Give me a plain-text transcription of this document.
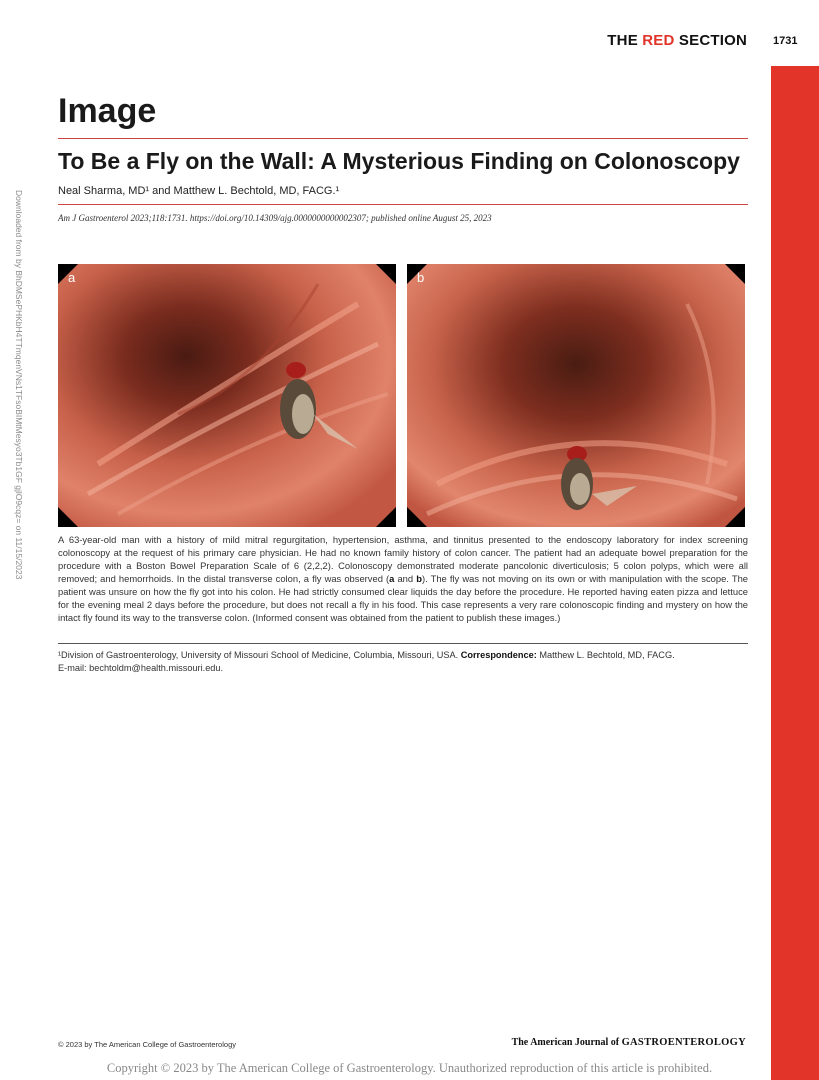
THE RED SECTION 1731
Downloaded from by BhDMSePHKbH4TTmqenVNs1TFsoBIMtMesyo3Tb1GF gjlO9cqz= on 11/15/2023
Image
To Be a Fly on the Wall: A Mysterious Finding on Colonoscopy
Neal Sharma, MD¹ and Matthew L. Bechtold, MD, FACG.¹
Am J Gastroenterol 2023;118:1731. https://doi.org/10.14309/ajg.0000000000002307; published online August 25, 2023
a	b
A 63-year-old man with a history of mild mitral regurgitation, hypertension, asthma, and tinnitus presented to the endoscopy laboratory for index screening colonoscopy at the request of his primary care physician. He had no known family history of colon cancer. The patient had an adequate bowel preparation for the procedure with a Boston Bowel Preparation Scale of 6 (2,2,2). Colonoscopy demonstrated moderate pancolonic diverticulosis; 5 colon polyps, which were all removed; and hemorrhoids. In the distal transverse colon, a fly was observed (a and b). The fly was not moving on its own or with manipulation with the scope. The patient was unsure on how the fly got into his colon. He had strictly consumed clear liquids the day before the procedure. He reported having eaten pizza and lettuce for the evening meal 2 days before the procedure, but does not recall a fly in his food. This case represents a very rare colonoscopic finding and mystery on how the intact fly found its way to the transverse colon. (Informed consent was obtained from the patient to publish these images.)
¹Division of Gastroenterology, University of Missouri School of Medicine, Columbia, Missouri, USA. Correspondence: Matthew L. Bechtold, MD, FACG.
E-mail: bechtoldm@health.missouri.edu.
© 2023 by The American College of Gastroenterology	The American Journal of GASTROENTEROLOGY
Copyright © 2023 by The American College of Gastroenterology. Unauthorized reproduction of this article is prohibited.
